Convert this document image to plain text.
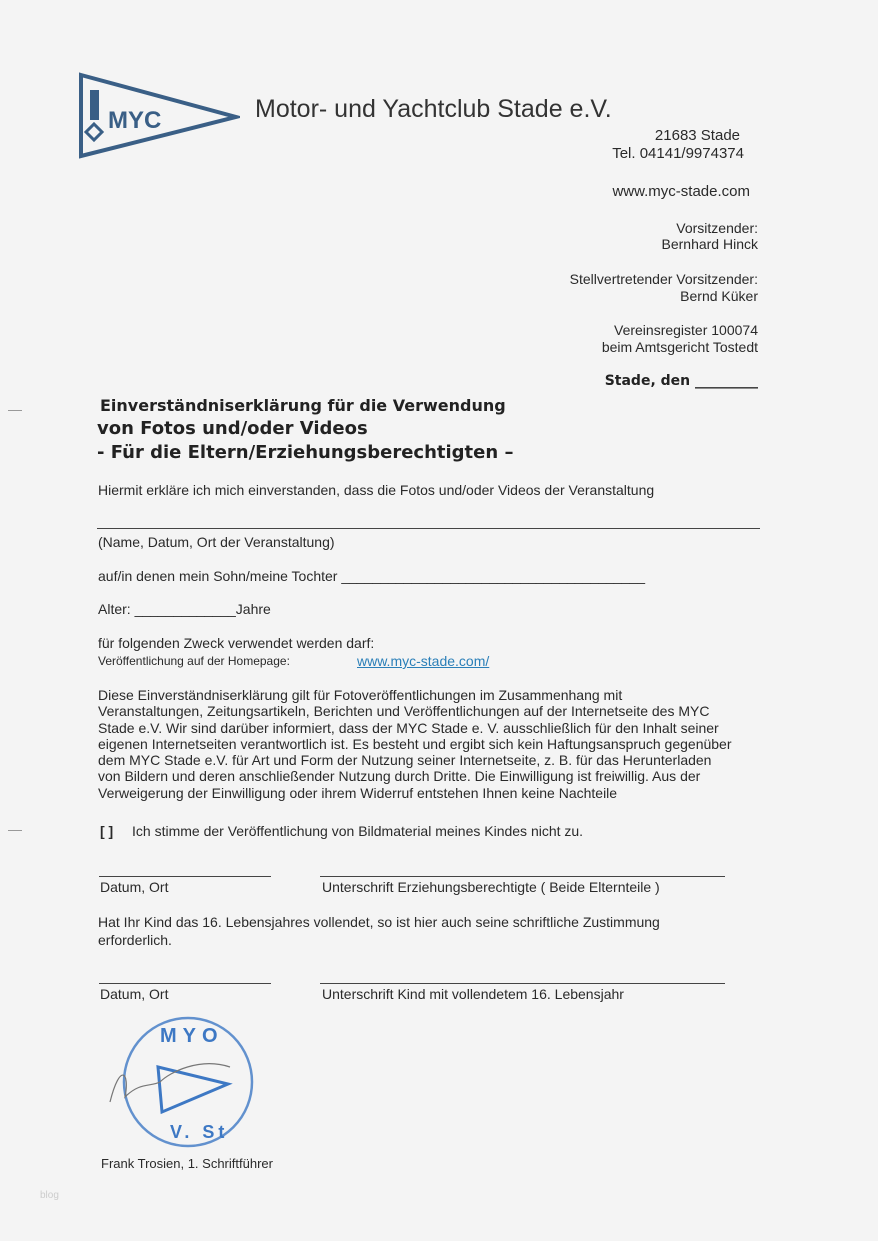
MYC	Motor- und Yachtclub Stade e.V.
21683 Stade
Tel. 04141/9974374
www.myc-stade.com
Vorsitzender:
Bernhard Hinck
Stellvertretender Vorsitzender:
Bernd Küker
Vereinsregister 100074
beim Amtsgericht Tostedt
Stade, den _________
Einverständniserklärung für die Verwendung
von Fotos und/oder Videos
- Für die Eltern/Erziehungsberechtigten –
Hiermit erkläre ich mich einverstanden, dass die Fotos und/oder Videos der Veranstaltung
(Name, Datum, Ort der Veranstaltung)
auf/in denen mein Sohn/meine Tochter _______________________________________
Alter: _____________Jahre
für folgenden Zweck verwendet werden darf:
Veröffentlichung auf der Homepage:	www.myc-stade.com/
Diese Einverständniserklärung gilt für Fotoveröffentlichungen im Zusammenhang mit
Veranstaltungen, Zeitungsartikeln, Berichten und Veröffentlichungen auf der Internetseite des MYC
Stade e.V. Wir sind darüber informiert, dass der MYC Stade e. V. ausschließlich für den Inhalt seiner
eigenen Internetseiten verantwortlich ist. Es besteht und ergibt sich kein Haftungsanspruch gegenüber
dem MYC Stade e.V. für Art und Form der Nutzung seiner Internetseite, z. B. für das Herunterladen
von Bildern und deren anschließender Nutzung durch Dritte. Die Einwilligung ist freiwillig. Aus der
Verweigerung der Einwilligung oder ihrem Widerruf entstehen Ihnen keine Nachteile
[ ] Ich stimme der Veröffentlichung von Bildmaterial meines Kindes nicht zu.
Datum, Ort	Unterschrift Erziehungsberechtigte ( Beide Elternteile )
Hat Ihr Kind das 16. Lebensjahres vollendet, so ist hier auch seine schriftliche Zustimmung
erforderlich.
Datum, Ort	Unterschrift Kind mit vollendetem 16. Lebensjahr
MYO
V. St
Frank Trosien, 1. Schriftführer
blog
